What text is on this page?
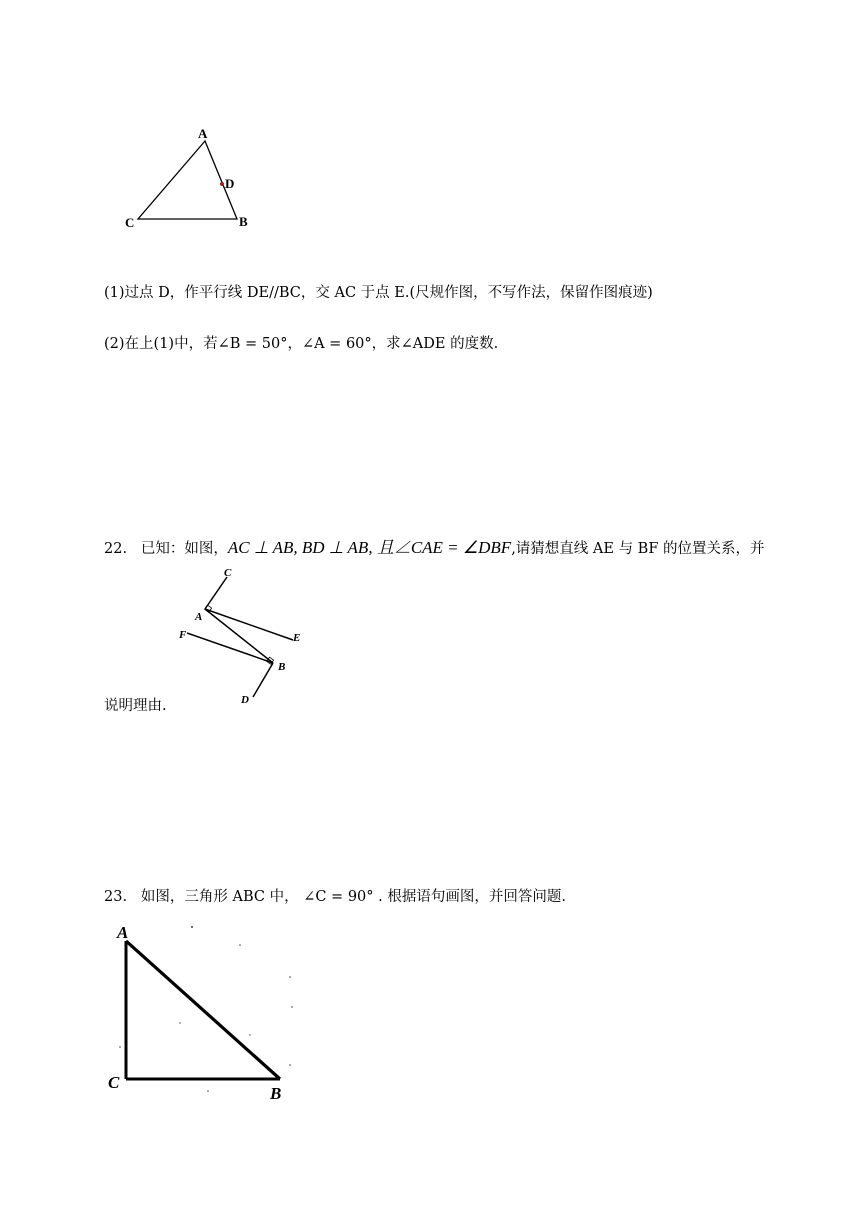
A
D
C	B
(1)过点 D，作平行线 DE//BC，交 AC 于点 E.(尺规作图，不写作法，保留作图痕迹)
(2)在上(1)中，若∠B = 50°，∠A = 60°，求∠ADE 的度数.
22. 已知：如图，AC ⊥ AB, BD ⊥ AB, 且∠CAE = ∠DBF,请猜想直线 AE 与 BF 的位置关系，并
C
A
E
F
B
D
说明理由.
23. 如图，三角形 ABC 中， ∠C = 90° . 根据语句画图，并回答问题.
A
C
B
